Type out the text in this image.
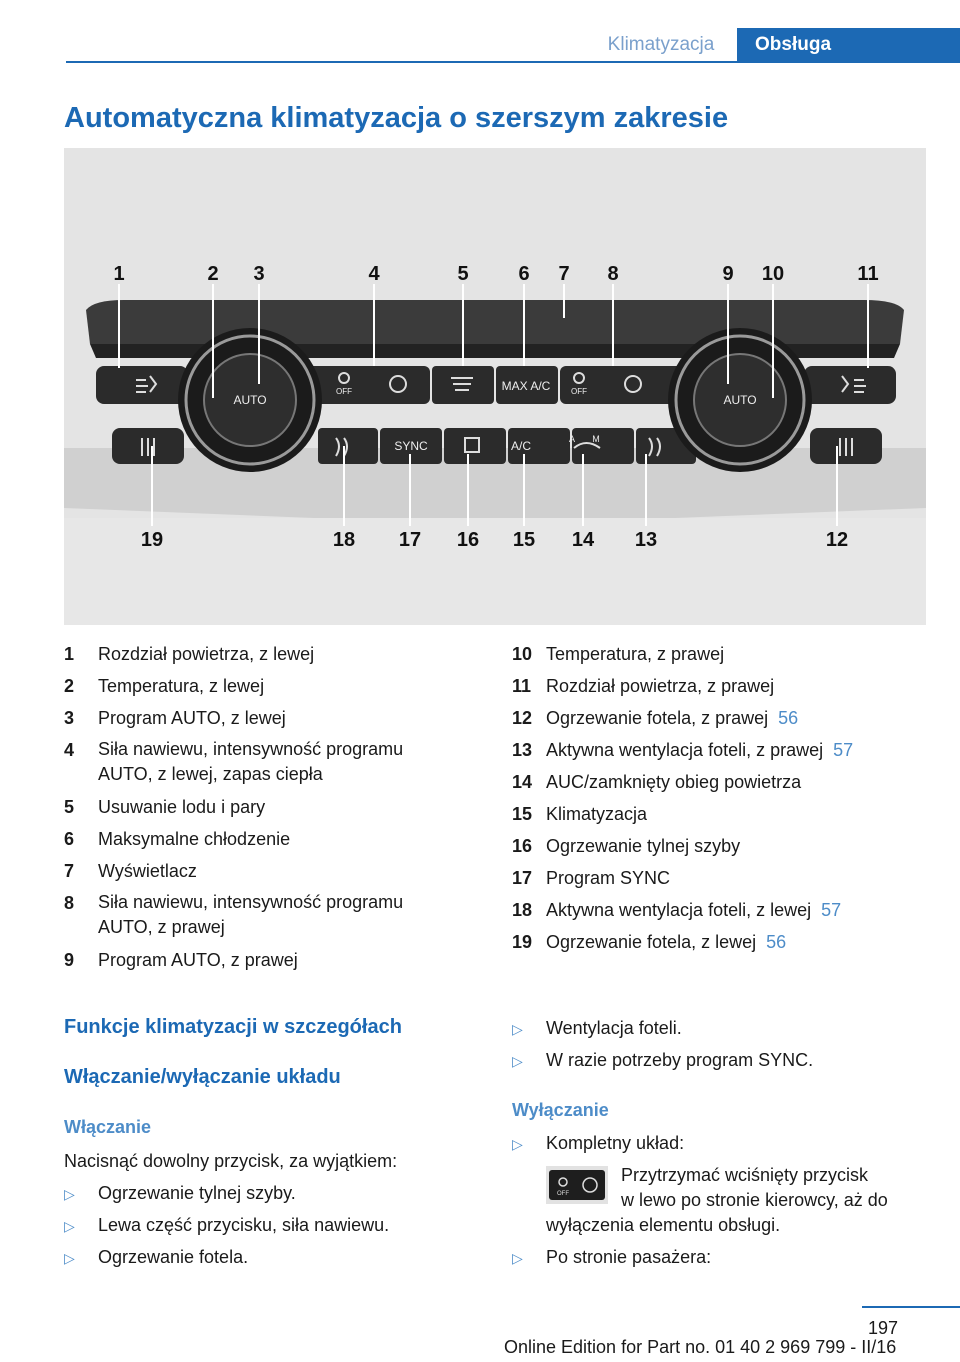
Klimatyzacja	Obsługa
Automatyczna klimatyzacja o szerszym zakresie
AUTO	AUTO
MAX A/C
SYNC	A/C
OFF	OFF
A M
1	2 3	4	5 6 7 8	9 10	11
19	18 17 16 15 14 13	12
1	Rozdział powietrza, z lewej
2	Temperatura, z lewej
3	Program AUTO, z lewej
4	Siła nawiewu, intensywność programu AUTO, z lewej, zapas ciepła
5	Usuwanie lodu i pary
6	Maksymalne chłodzenie
7	Wyświetlacz
8	Siła nawiewu, intensywność programu AUTO, z prawej
9	Program AUTO, z prawej
10 Temperatura, z prawej
11 Rozdział powietrza, z prawej
12 Ogrzewanie fotela, z prawej 56
13 Aktywna wentylacja foteli, z prawej 57
14 AUC/zamknięty obieg powietrza
15 Klimatyzacja
16 Ogrzewanie tylnej szyby
17 Program SYNC
18 Aktywna wentylacja foteli, z lewej 57
19 Ogrzewanie fotela, z lewej 56
Funkcje klimatyzacji w szczegółach
Włączanie/wyłączanie układu
Włączanie
Nacisnąć dowolny przycisk, za wyjątkiem:
▷	Ogrzewanie tylnej szyby.
▷	Lewa część przycisku, siła nawiewu.
▷	Ogrzewanie fotela.
▷	Wentylacja foteli.
▷	W razie potrzeby program SYNC.
Wyłączanie
▷	Kompletny układ:
OFF
Przytrzymać wciśnięty przycisk
w lewo po stronie kierowcy, aż do
wyłączenia elementu obsługi.
▷	Po stronie pasażera:
197
Online Edition for Part no. 01 40 2 969 799 - II/16
